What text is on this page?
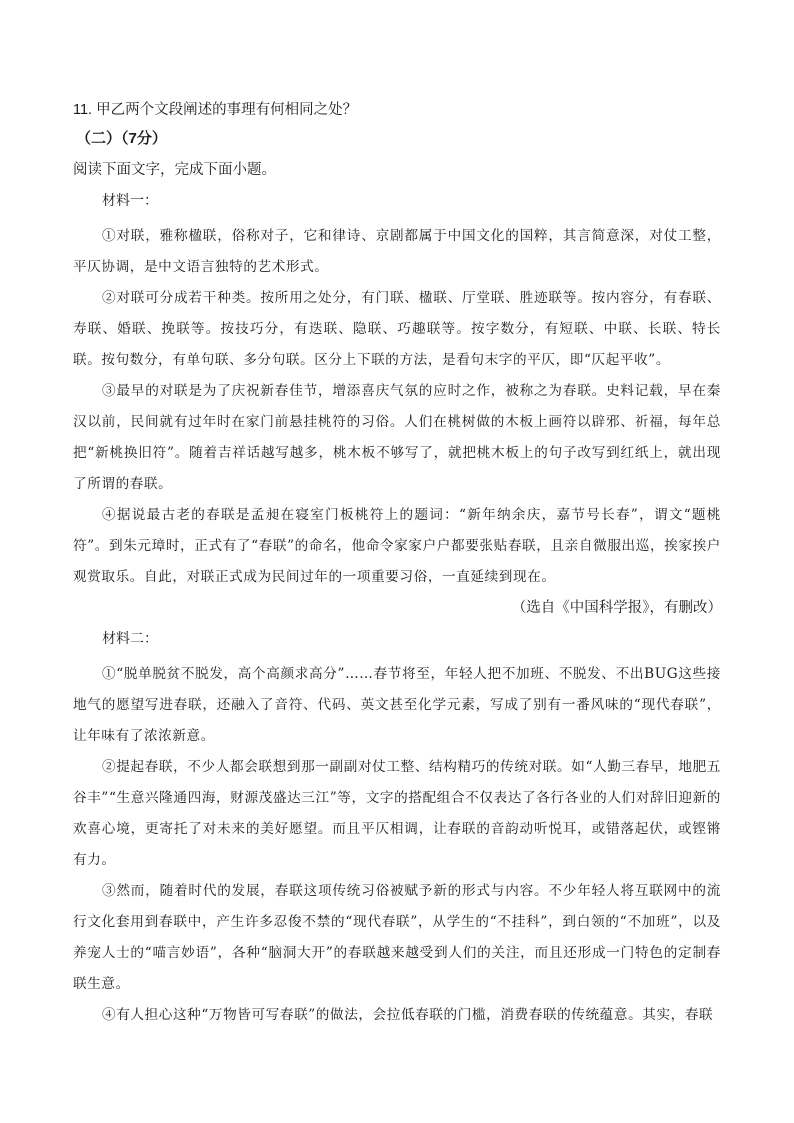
11. 甲乙两个文段阐述的事理有何相同之处？
（二）（7分）
阅读下面文字，完成下面小题。
材料一：
①对联，雅称楹联，俗称对子，它和律诗、京剧都属于中国文化的国粹，其言简意深，对仗工整，平仄协调，是中文语言独特的艺术形式。
②对联可分成若干种类。按所用之处分，有门联、楹联、厅堂联、胜迹联等。按内容分，有春联、寿联、婚联、挽联等。按技巧分，有迭联、隐联、巧趣联等。按字数分，有短联、中联、长联、特长联。按句数分，有单句联、多分句联。区分上下联的方法，是看句末字的平仄，即“仄起平收”。
③最早的对联是为了庆祝新春佳节，增添喜庆气氛的应时之作，被称之为春联。史料记载，早在秦汉以前，民间就有过年时在家门前悬挂桃符的习俗。人们在桃树做的木板上画符以辟邪、祈福，每年总把“新桃换旧符”。随着吉祥话越写越多，桃木板不够写了，就把桃木板上的句子改写到红纸上，就出现了所谓的春联。
④据说最古老的春联是孟昶在寝室门板桃符上的题词：“新年纳余庆，嘉节号长春”，谓文“题桃符”。到朱元璋时，正式有了“春联”的命名，他命令家家户户都要张贴春联，且亲自微服出巡，挨家挨户观赏取乐。自此，对联正式成为民间过年的一项重要习俗，一直延续到现在。
（选自《中国科学报》，有删改）
材料二：
①“脱单脱贫不脱发，高个高颜求高分”……春节将至，年轻人把不加班、不脱发、不出BUG这些接地气的愿望写进春联，还融入了音符、代码、英文甚至化学元素，写成了别有一番风味的“现代春联”，让年味有了浓浓新意。
②提起春联，不少人都会联想到那一副副对仗工整、结构精巧的传统对联。如“人勤三春早，地肥五谷丰”“生意兴隆通四海，财源茂盛达三江”等，文字的搭配组合不仅表达了各行各业的人们对辞旧迎新的欢喜心境，更寄托了对未来的美好愿望。而且平仄相调，让春联的音韵动听悦耳，或错落起伏，或铿锵有力。
③然而，随着时代的发展，春联这项传统习俗被赋予新的形式与内容。不少年轻人将互联网中的流行文化套用到春联中，产生许多忍俊不禁的“现代春联”，从学生的“不挂科”，到白领的“不加班”，以及养宠人士的“喵言妙语”，各种“脑洞大开”的春联越来越受到人们的关注，而且还形成一门特色的定制春联生意。
④有人担心这种“万物皆可写春联”的做法，会拉低春联的门槛，消费春联的传统蕴意。其实，春联
